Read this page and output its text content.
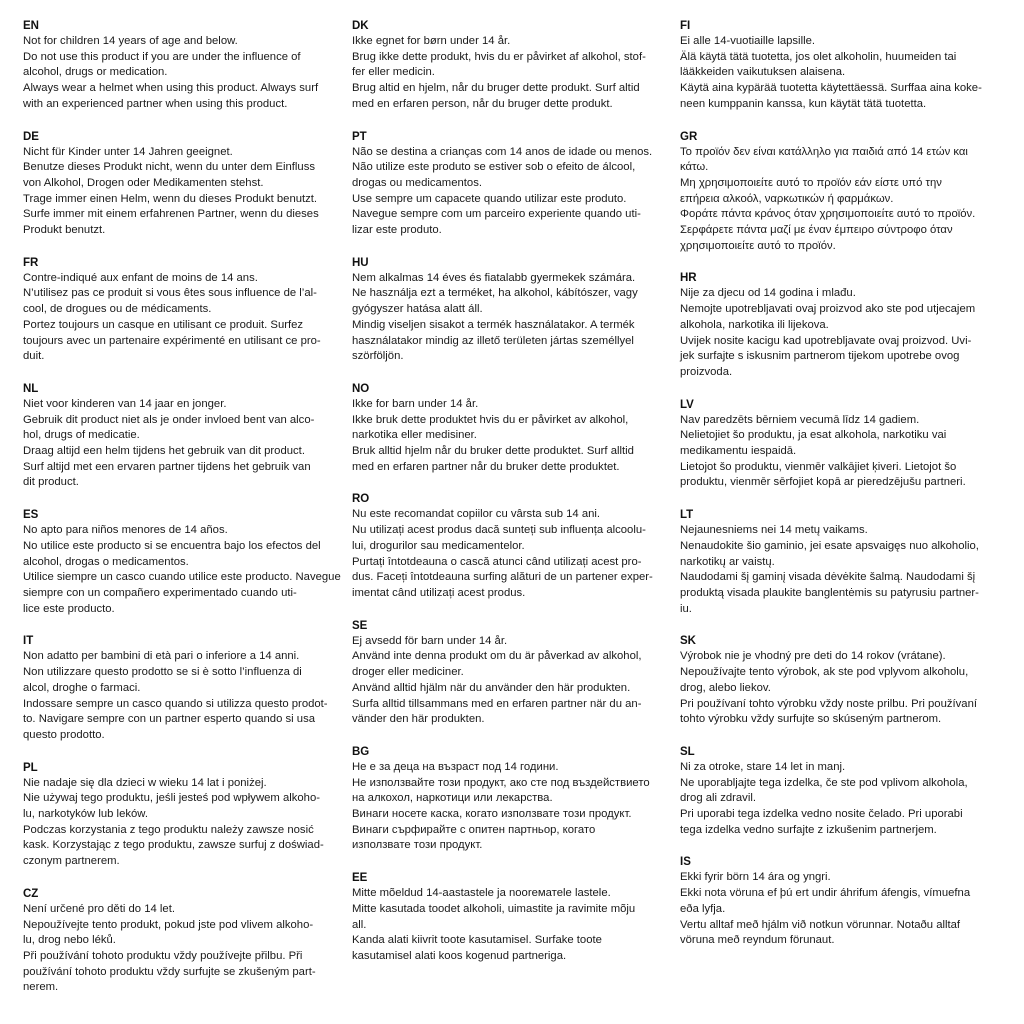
EN
Not for children 14 years of age and below.
Do not use this product if you are under the influence of
alcohol, drugs or medication.
Always wear a helmet when using this product. Always surf
with an experienced partner when using this product.
DE
Nicht für Kinder unter 14 Jahren geeignet.
Benutze dieses Produkt nicht, wenn du unter dem Einfluss
von Alkohol, Drogen oder Medikamenten stehst.
Trage immer einen Helm, wenn du dieses Produkt benutzt.
Surfe immer mit einem erfahrenen Partner, wenn du dieses
Produkt benutzt.
FR
Contre-indiqué aux enfant de moins de 14 ans.
N’utilisez pas ce produit si vous êtes sous influence de l’al-
cool, de drogues ou de médicaments.
Portez toujours un casque en utilisant ce produit. Surfez
toujours avec un partenaire expérimenté en utilisant ce pro-
duit.
NL
Niet voor kinderen van 14 jaar en jonger.
Gebruik dit product niet als je onder invloed bent van alco-
hol, drugs of medicatie.
Draag altijd een helm tijdens het gebruik van dit product.
Surf altijd met een ervaren partner tijdens het gebruik van
dit product.
ES
No apto para niños menores de 14 años.
No utilice este producto si se encuentra bajo los efectos del
alcohol, drogas o medicamentos.
Utilice siempre un casco cuando utilice este producto. Navegue
siempre con un compañero experimentado cuando uti-
lice este producto.
IT
Non adatto per bambini di età pari o inferiore a 14 anni.
Non utilizzare questo prodotto se si è sotto l’influenza di
alcol, droghe o farmaci.
Indossare sempre un casco quando si utilizza questo prodot-
to. Navigare sempre con un partner esperto quando si usa
questo prodotto.
PL
Nie nadaje się dla dzieci w wieku 14 lat i poniżej.
Nie używaj tego produktu, jeśli jesteś pod wpływem alkoho-
lu, narkotyków lub leków.
Podczas korzystania z tego produktu należy zawsze nosić
kask. Korzystając z tego produktu, zawsze surfuj z doświad-
czonym partnerem.
CZ
Není určené pro děti do 14 let.
Nepoužívejte tento produkt, pokud jste pod vlivem alkoho-
lu, drog nebo léků.
Při používání tohoto produktu vždy používejte přilbu. Při
používání tohoto produktu vždy surfujte se zkušeným part-
nerem.
DK
Ikke egnet for børn under 14 år.
Brug ikke dette produkt, hvis du er påvirket af alkohol, stof-
fer eller medicin.
Brug altid en hjelm, når du bruger dette produkt. Surf altid
med en erfaren person, når du bruger dette produkt.
PT
Não se destina a crianças com 14 anos de idade ou menos.
Não utilize este produto se estiver sob o efeito de álcool,
drogas ou medicamentos.
Use sempre um capacete quando utilizar este produto.
Navegue sempre com um parceiro experiente quando uti-
lizar este produto.
HU
Nem alkalmas 14 éves és fiatalabb gyermekek számára.
Ne használja ezt a terméket, ha alkohol, kábítószer, vagy
gyógyszer hatása alatt áll.
Mindig viseljen sisakot a termék használatakor. A termék
használatakor mindig az illető területen jártas személlyel
szörföljön.
NO
Ikke for barn under 14 år.
Ikke bruk dette produktet hvis du er påvirket av alkohol,
narkotika eller medisiner.
Bruk alltid hjelm når du bruker dette produktet. Surf alltid
med en erfaren partner når du bruker dette produktet.
RO
Nu este recomandat copiilor cu vârsta sub 14 ani.
Nu utilizați acest produs dacă sunteți sub influența alcoolu-
lui, drogurilor sau medicamentelor.
Purtați întotdeauna o cască atunci când utilizați acest pro-
dus. Faceți întotdeauna surfing alături de un partener exper-
imentat când utilizați acest produs.
SE
Ej avsedd för barn under 14 år.
Använd inte denna produkt om du är påverkad av alkohol,
droger eller mediciner.
Använd alltid hjälm när du använder den här produkten.
Surfa alltid tillsammans med en erfaren partner när du an-
vänder den här produkten.
BG
Не е за деца на възраст под 14 години.
Не използвайте този продукт, ако сте под въздействието
на алкохол, наркотици или лекарства.
Винаги носете каска, когато използвате този продукт.
Винаги сърфирайте с опитен партньор, когато
използвате този продукт.
EE
Mitte mõeldud 14-aastastele ja nooreматеle lastele.
Mitte kasutada toodet alkoholi, uimastite ja ravimite mõju
all.
Kanda alati kiivrit toote kasutamisel. Surfake toote
kasutamisel alati koos kogenud partneriga.
FI
Ei alle 14-vuotiaille lapsille.
Älä käytä tätä tuotetta, jos olet alkoholin, huumeiden tai
lääkkeiden vaikutuksen alaisena.
Käytä aina kypärää tuotetta käytettäessä. Surffaa aina koke-
neen kumppanin kanssa, kun käytät tätä tuotetta.
GR
Το προϊόν δεν είναι κατάλληλο για παιδιά από 14 ετών και
κάτω.
Μη χρησιμοποιείτε αυτό το προϊόν εάν είστε υπό την
επήρεια αλκοόλ, ναρκωτικών ή φαρμάκων.
Φοράτε πάντα κράνος όταν χρησιμοποιείτε αυτό το προϊόν.
Σερφάρετε πάντα μαζί με έναν έμπειρο σύντροφο όταν
χρησιμοποιείτε αυτό το προϊόν.
HR
Nije za djecu od 14 godina i mlađu.
Nemojte upotrebljavati ovaj proizvod ako ste pod utjecajem
alkohola, narkotika ili lijekova.
Uvijek nosite kacigu kad upotrebljavate ovaj proizvod. Uvi-
jek surfajte s iskusnim partnerom tijekom upotrebe ovog
proizvoda.
LV
Nav paredzēts bērniem vecumā līdz 14 gadiem.
Nelietojiet šo produktu, ja esat alkohola, narkotiku vai
medikamentu iespaidā.
Lietojot šo produktu, vienmēr valkājiet ķiveri. Lietojot šo
produktu, vienmēr sērfojiet kopā ar pieredzējušu partneri.
LT
Nejaunesniems nei 14 metų vaikams.
Nenaudokite šio gaminio, jei esate apsvaigęs nuo alkoholio,
narkotikų ar vaistų.
Naudodami šį gaminį visada dėvėkite šalmą. Naudodami šį
produktą visada plaukite banglentėmis su patyrusiu partner-
iu.
SK
Výrobok nie je vhodný pre deti do 14 rokov (vrátane).
Nepoužívajte tento výrobok, ak ste pod vplyvom alkoholu,
drog, alebo liekov.
Pri používaní tohto výrobku vždy noste prilbu. Pri používaní
tohto výrobku vždy surfujte so skúseným partnerom.
SL
Ni za otroke, stare 14 let in manj.
Ne uporabljajte tega izdelka, če ste pod vplivom alkohola,
drog ali zdravil.
Pri uporabi tega izdelka vedno nosite čelado. Pri uporabi
tega izdelka vedno surfajte z izkušenim partnerjem.
IS
Ekki fyrir börn 14 ára og yngri.
Ekki nota vöruna ef þú ert undir áhrifum áfengis, vímuefna
eða lyfja.
Vertu alltaf með hjálm við notkun vörunnar. Notaðu alltaf
vöruna með reyndum förunaut.
